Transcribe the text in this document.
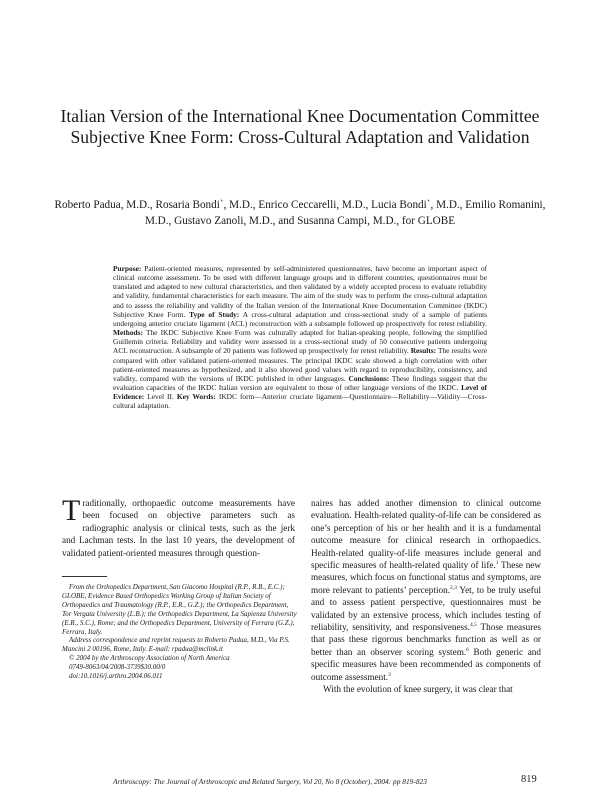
Italian Version of the International Knee Documentation Committee Subjective Knee Form: Cross-Cultural Adaptation and Validation
Roberto Padua, M.D., Rosaria Bondi`, M.D., Enrico Ceccarelli, M.D., Lucia Bondi`, M.D., Emilio Romanini, M.D., Gustavo Zanoli, M.D., and Susanna Campi, M.D., for GLOBE
Purpose: Patient-oriented measures, represented by self-administered questionnaires, have become an important aspect of clinical outcome assessment. To be used with different language groups and in different countries, questionnaires must be translated and adapted to new cultural characteristics, and then validated by a widely accepted process to evaluate reliability and validity, fundamental characteristics for each measure. The aim of the study was to perform the cross-cultural adaptation and to assess the reliability and validity of the Italian version of the International Knee Documentation Committee (IKDC) Subjective Knee Form. Type of Study: A cross-cultural adaptation and cross-sectional study of a sample of patients undergoing anterior cruciate ligament (ACL) reconstruction with a subsample followed up prospectively for retest reliability. Methods: The IKDC Subjective Knee Form was culturally adapted for Italian-speaking people, following the simplified Guillemin criteria. Reliability and validity were assessed in a cross-sectional study of 50 consecutive patients undergoing ACL reconstruction. A subsample of 20 patients was followed up prospectively for retest reliability. Results: The results were compared with other validated patient-oriented measures. The principal IKDC scale showed a high correlation with other patient-oriented measures as hypothesized, and it also showed good values with regard to reproducibility, consistency, and validity, compared with the versions of IKDC published in other languages. Conclusions: These findings suggest that the evaluation capacities of the IKDC Italian version are equivalent to those of other language versions of the IKDC. Level of Evidence: Level II. Key Words: IKDC form—Anterior cruciate ligament—Questionnaire—Reliability—Validity—Cross-cultural adaptation.
T raditionally, orthopaedic outcome measurements have been focused on objective parameters such as radiographic analysis or clinical tests, such as the jerk and Lachman tests. In the last 10 years, the development of validated patient-oriented measures through question-

From the Orthopedics Department, San Giacomo Hospital (R.P., R.B., E.C.); GLOBE, Evidence Based Orthopedics Working Group of Italian Society of Orthopaedics and Traumatology (R.P., E.R., G.Z.); the Orthopedics Department, Tor Vergata University (L.B.); the Orthopedics Department, La Sapienza University (E.R., S.C.), Rome; and the Orthopedics Department, University of Ferrara (G.Z.), Ferrara, Italy.

Address correspondence and reprint requests to Roberto Padua, M.D., Via P.S. Mancini 2 00196, Rome, Italy. E-mail: rpadua@mclink.it

© 2004 by the Arthroscopy Association of North America

0749-8063/04/2008-3739$30.00/0

doi:10.1016/j.arthro.2004.06.011

naires has added another dimension to clinical outcome evaluation. Health-related quality-of-life can be considered as one’s perception of his or her health and it is a fundamental outcome measure for clinical research in orthopaedics. Health-related quality-of-life measures include general and specific measures of health-related quality of life.$^1$ These new measures, which focus on functional status and symptoms, are more relevant to patients’ perception.$^{2,3}$ Yet, to be truly useful and to assess patient perspective, questionnaires must be validated by an extensive process, which includes testing of reliability, sensitivity, and responsiveness.$^{4,5}$ Those measures that pass these rigorous benchmarks function as well as or better than an observer scoring system.$^6$ Both generic and specific measures have been recommended as components of outcome assessment.$^3$

With the evolution of knee surgery, it was clear that

Arthroscopy: The Journal of Arthroscopic and Related Surgery, Vol 20, No 8 (October), 2004: pp 819-823	819
